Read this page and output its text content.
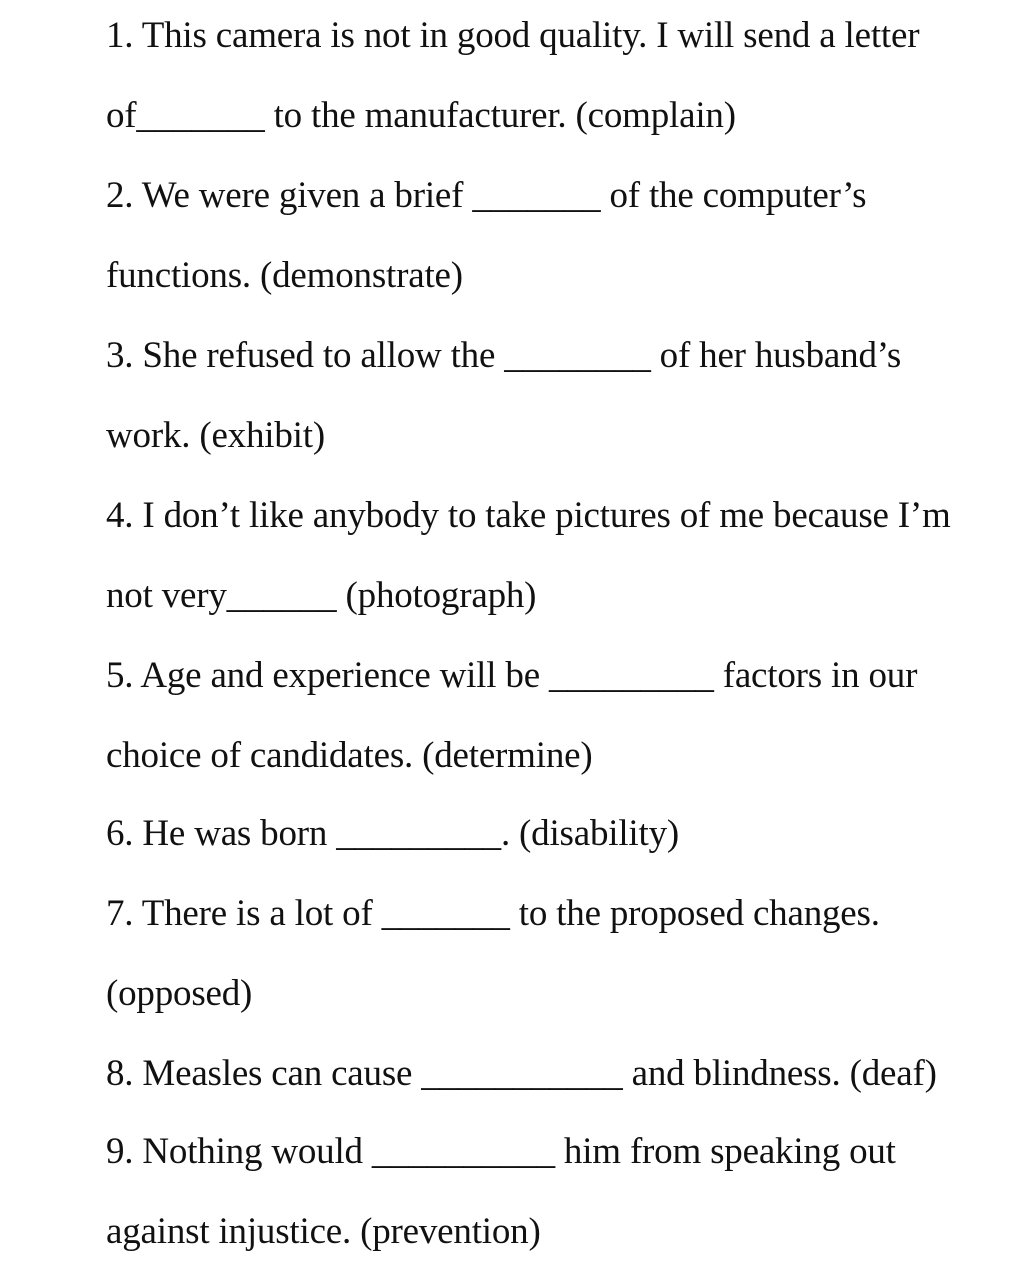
1. This camera is not in good quality. I will send a letter
of_______ to the manufacturer. (complain)
2. We were given a brief _______ of the computer’s
functions. (demonstrate)
3. She refused to allow the ________ of her husband’s
work. (exhibit)
4. I don’t like anybody to take pictures of me because I’m
not very______ (photograph)
5. Age and experience will be _________ factors in our
choice of candidates. (determine)
6. He was born _________. (disability)
7. There is a lot of _______ to the proposed changes.
(opposed)
8. Measles can cause ___________ and blindness. (deaf)
9. Nothing would __________ him from speaking out
against injustice. (prevention)
